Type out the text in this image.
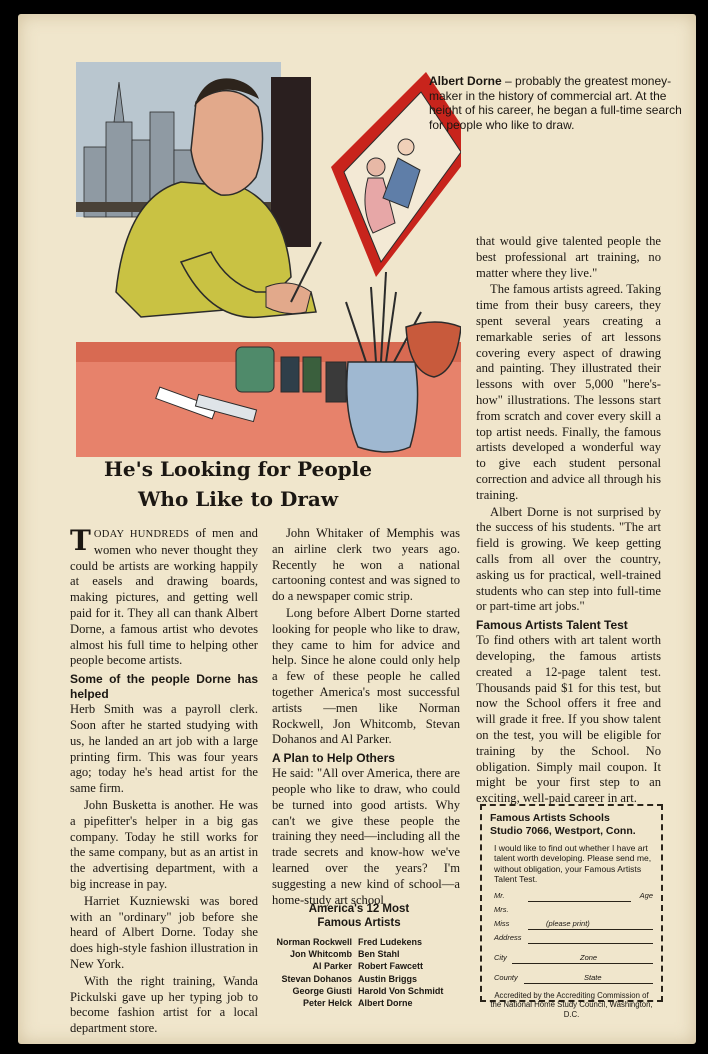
Albert Dorne – probably the greatest money-maker in the history of commercial art. At the height of his career, he began a full-time search for people who like to draw.
He's Looking for People
Who Like to Draw

TODAY HUNDREDS of men and women who never thought they could be artists are working happily at easels and drawing boards, making pictures, and getting well paid for it. They all can thank Albert Dorne, a famous artist who devotes almost his full time to helping other people become artists.

Some of the people Dorne has helped

Herb Smith was a payroll clerk. Soon after he started studying with us, he landed an art job with a large printing firm. This was four years ago; today he's head artist for the same firm.

John Busketta is another. He was a pipefitter's helper in a big gas company. Today he still works for the same company, but as an artist in the advertising department, with a big increase in pay.

Harriet Kuzniewski was bored with an "ordinary" job before she heard of Albert Dorne. Today she does high-style fashion illustration in New York.

With the right training, Wanda Pickulski gave up her typing job to become fashion artist for a local department store.

John Whitaker of Memphis was an airline clerk two years ago. Recently he won a national cartooning contest and was signed to do a newspaper comic strip.

Long before Albert Dorne started looking for people who like to draw, they came to him for advice and help. Since he alone could only help a few of these people he called together America's most successful artists —men like Norman Rockwell, Jon Whitcomb, Stevan Dohanos and Al Parker.

A Plan to Help Others

He said: "All over America, there are people who like to draw, who could be turned into good artists. Why can't we give these people the training they need—including all the trade secrets and know-how we've learned over the years? I'm suggesting a new kind of school—a home-study art school

America's 12 Most
Famous Artists
Norman Rockwell Fred Ludekens
Jon Whitcomb Ben Stahl
Al Parker Robert Fawcett
Stevan Dohanos Austin Briggs
George Giusti Harold Von Schmidt
Peter Helck Albert Dorne

that would give talented people the best professional art training, no matter where they live."

The famous artists agreed. Taking time from their busy careers, they spent several years creating a remarkable series of art lessons covering every aspect of drawing and painting. They illustrated their lessons with over 5,000 "here's-how" illustrations. The lessons start from scratch and cover every skill a top artist needs. Finally, the famous artists developed a wonderful way to give each student personal correction and advice all through his training.

Albert Dorne is not surprised by the success of his students. "The art field is growing. We keep getting calls from all over the country, asking us for practical, well-trained students who can step into full-time or part-time art jobs."

Famous Artists Talent Test

To find others with art talent worth developing, the famous artists created a 12-page talent test. Thousands paid $1 for this test, but now the School offers it free and will grade it free. If you show talent on the test, you will be eligible for training by the School. No obligation. Simply mail coupon. It might be your first step to an exciting, well-paid career in art.

Famous Artists Schools
Studio 7066, Westport, Conn.
I would like to find out whether I have art talent worth developing. Please send me, without obligation, your Famous Artists Talent Test.
Mr.	Age
Mrs.
Miss	(please print)
Address
City	Zone
County	State
Accredited by the Accrediting Commission of the National Home Study Council, Washington, D.C.
